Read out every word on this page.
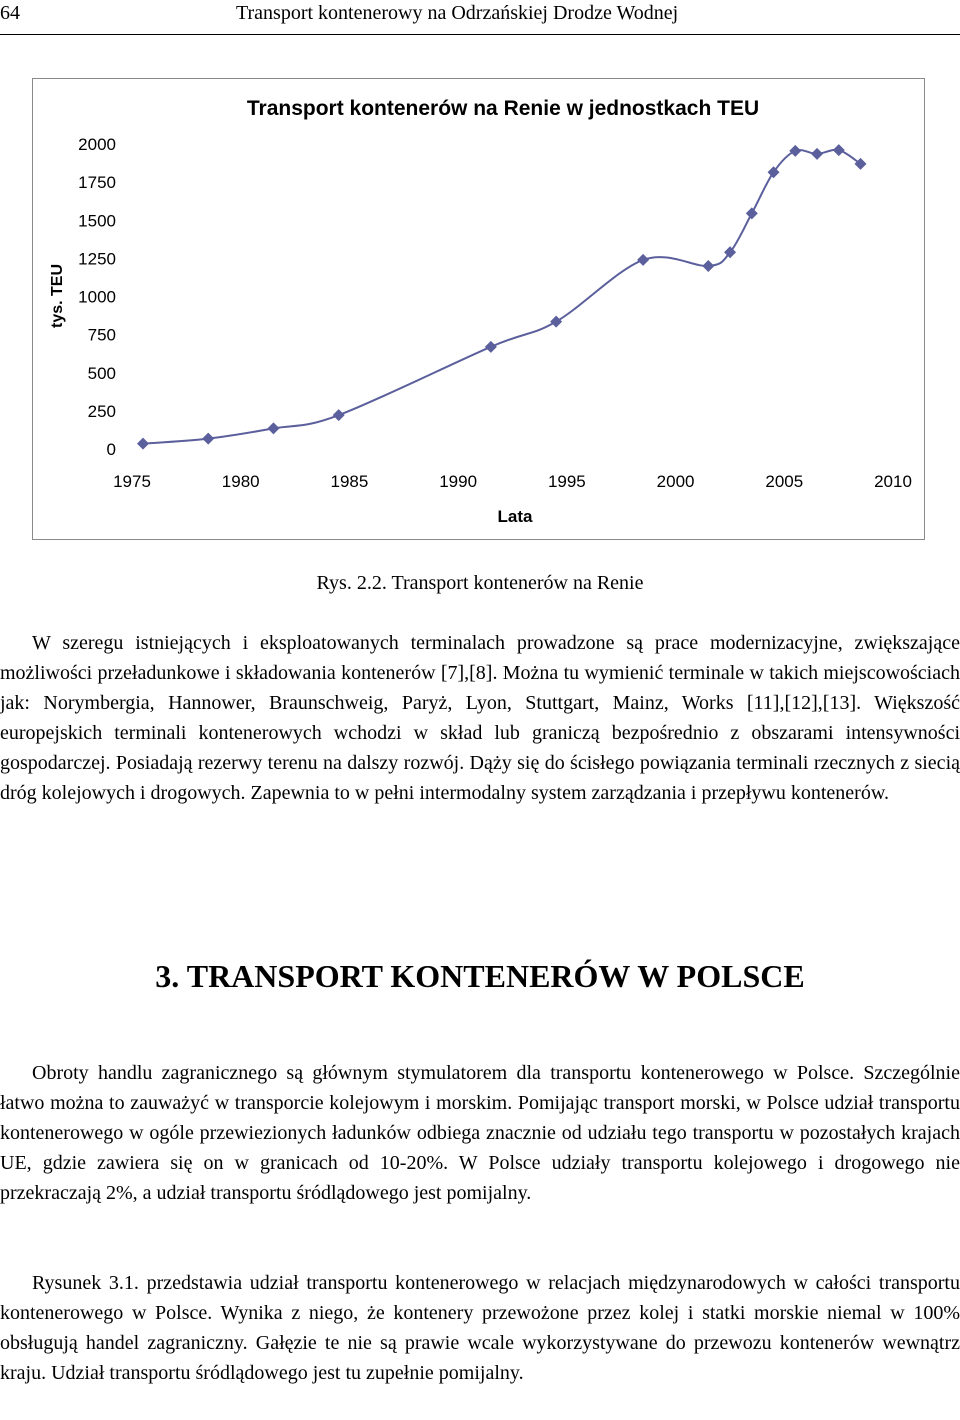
64	Transport kontenerowy na Odrzańskiej Drodze Wodnej
Transport kontenerów na Renie w jednostkach TEU
tys. TEU
Lata
2000
1750
1500
1250
1000
750
500
250
0
1975	1980	1985	1990	1995	2000	2005	2010
Rys. 2.2. Transport kontenerów na Renie

W szeregu istniejących i eksploatowanych terminalach prowadzone są prace modernizacyjne, zwiększające możliwości przeładunkowe i składowania kontenerów [7],[8]. Można tu wymienić terminale w takich miejscowościach jak: Norymbergia, Hannower, Braunschweig, Paryż, Lyon, Stuttgart, Mainz, Works [11],[12],[13]. Większość europejskich terminali kontenerowych wchodzi w skład lub graniczą bezpośrednio z obszarami intensywności gospodarczej. Posiadają rezerwy terenu na dalszy rozwój. Dąży się do ścisłego powiązania terminali rzecznych z siecią dróg kolejowych i drogowych. Zapewnia to w pełni intermodalny system zarządzania i przepływu kontenerów.

3. TRANSPORT KONTENERÓW W POLSCE

Obroty handlu zagranicznego są głównym stymulatorem dla transportu kontenerowego w Polsce. Szczególnie łatwo można to zauważyć w transporcie kolejowym i morskim. Pomijając transport morski, w Polsce udział transportu kontenerowego w ogóle przewiezionych ładunków odbiega znacznie od udziału tego transportu w pozostałych krajach UE, gdzie zawiera się on w granicach od 10-20%. W Polsce udziały transportu kolejowego i drogowego nie przekraczają 2%, a udział transportu śródlądowego jest pomijalny.

Rysunek 3.1. przedstawia udział transportu kontenerowego w relacjach międzynarodowych w całości transportu kontenerowego w Polsce. Wynika z niego, że kontenery przewożone przez kolej i statki morskie niemal w 100% obsługują handel zagraniczny. Gałęzie te nie są prawie wcale wykorzystywane do przewozu kontenerów wewnątrz kraju. Udział transportu śródlądowego jest tu zupełnie pomijalny.
